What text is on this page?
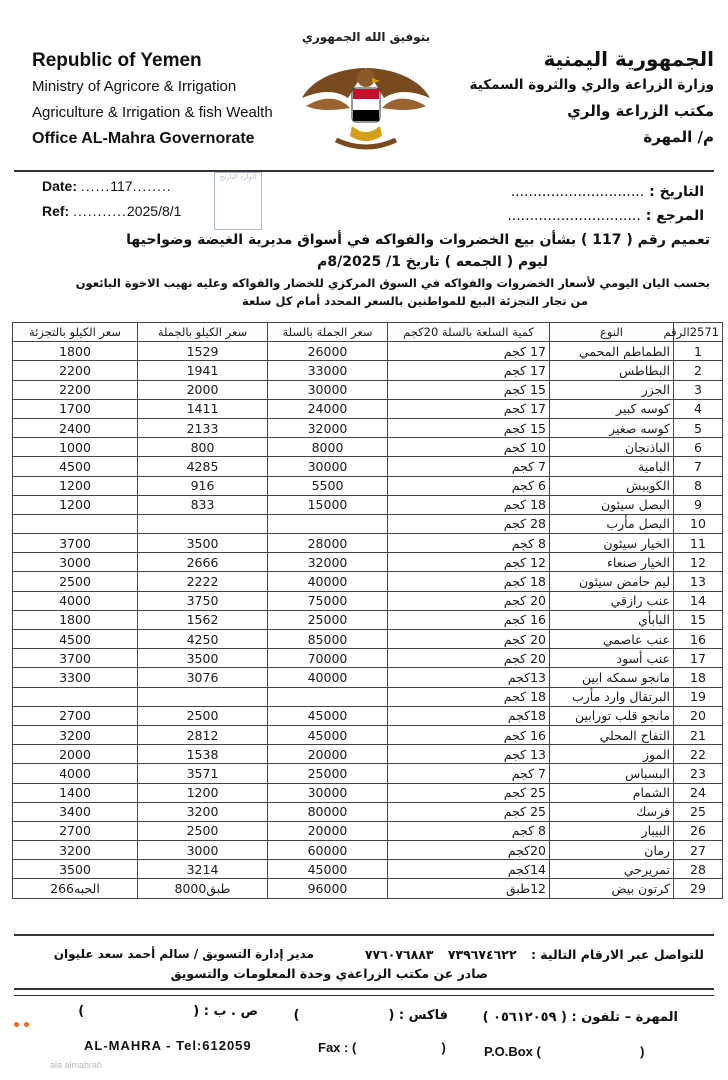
Republic of Yemen
Ministry of Agricore & Irrigation
Agriculture & Irrigation & fish Wealth
Office AL-Mahra Governorate
بتوفيق الله الجمهوري
الجمهورية اليمنية
وزارة الزراعة والري والثروة السمكية
مكتب الزراعة والري
م/ المهرة
Date: ......117........
Ref: ...........2025/8/1
الوارد التاريخ
التاريخ : ..............................
المرجع : ..............................
تعميم رقم ( 117 ) بشأن بيع الخضروات والفواكه في أسواق مديرية الغيضة وضواحيها
ليوم ( الجمعه ) تاريخ 1/ 8/2025م
بحسب اليان اليومي لأسعار الخضروات والفواكه في السوق المركزي للخضار والفواكه وعليه نهيب الاخوة البائعون
من تجار التجزئة البيع للمواطنين بالسعر المحدد أمام كل سلعة
سعر الكيلو بالتجزئة	سعر الكيلو بالجملة	سعر الجملة بالسلة	كمية السلعة بالسلة 20كجم	النوع	2571الرقم
1800	1529	26000	17 كجم	الطماطم المحمي	1
2200	1941	33000	17 كجم	البطاطس	2
2200	2000	30000	15 كجم	الجزر	3
1700	1411	24000	17 كجم	كوسه كبير	4
2400	2133	32000	15 كجم	كوسه صغير	5
1000	800	8000	10 كجم	الباذنجان	6
4500	4285	30000	7 كجم	البامية	7
1200	916	5500	6 كجم	الكوبيش	8
1200	833	15000	18 كجم	البصل سيئون	9
			28 كجم	البصل مأرب	10
3700	3500	28000	8 كجم	الخيار سيئون	11
3000	2666	32000	12 كجم	الخيار صنعاء	12
2500	2222	40000	18 كجم	ليم حامض سيئون	13
4000	3750	75000	20 كجم	عنب رازقي	14
1800	1562	25000	16 كجم	البابأي	15
4500	4250	85000	20 كجم	عنب عاصمي	16
3700	3500	70000	20 كجم	عنب أسود	17
3300	3076	40000	13كجم	مانجو سمكه ابين	18
			18 كجم	البرتقال وارد مأرب	19
2700	2500	45000	18كجم	مانجو قلب تورابين	20
3200	2812	45000	16 كجم	التفاح المحلي	21
2000	1538	20000	13 كجم	الموز	22
4000	3571	25000	7 كجم	البسباس	23
1400	1200	30000	25 كجم	الشمام	24
3400	3200	80000	25 كجم	فرسك	25
2700	2500	20000	8 كجم	البيبار	26
3200	3000	60000	20كجم	رمان	27
3500	3214	45000	14كجم	تمريرحي	28
266الحبه	8000طبق	96000	12طبق	كرتون بيض	29
للتواصل عبر الارقام التالية : ٧٣٩٦٧٤٦٢٢ ٧٧٦٠٧٦٨٨٣
مدير إدارة التسويق / سالم أحمد سعد عليوان
صادر عن مكتب الزراعةي وحدة المعلومات والتسويق
المهرة – تلفون : ( ٠٥٦١٢٠٥٩ )
فاكس : (  )
ص . ب : (  )
AL-MAHRA - Tel:612059	Fax : (	)	P.O.Box (	)
ala almahrah
